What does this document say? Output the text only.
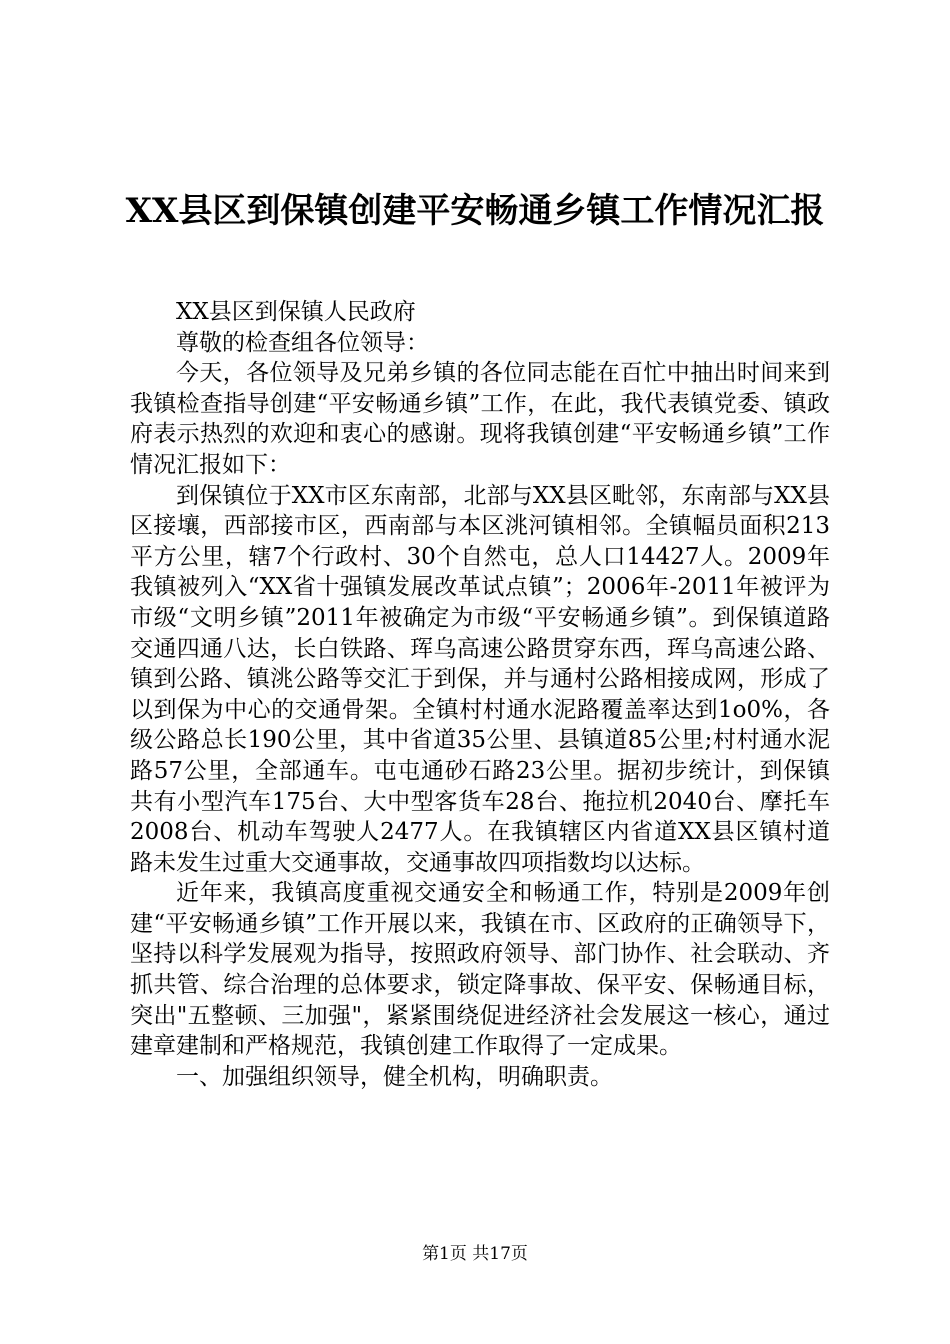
XX县区到保镇创建平安畅通乡镇工作情况汇报

XX县区到保镇人民政府

尊敬的检查组各位领导：

今天，各位领导及兄弟乡镇的各位同志能在百忙中抽出时间来到我镇检查指导创建“平安畅通乡镇”工作，在此，我代表镇党委、镇政府表示热烈的欢迎和衷心的感谢。现将我镇创建“平安畅通乡镇”工作情况汇报如下：

到保镇位于XX市区东南部，北部与XX县区毗邻，东南部与XX县区接壤，西部接市区，西南部与本区洮河镇相邻。全镇幅员面积213平方公里，辖7个行政村、30个自然屯，总人口14427人。2009年我镇被列入“XX省十强镇发展改革试点镇”；2006年-2011年被评为市级“文明乡镇”2011年被确定为市级“平安畅通乡镇”。到保镇道路交通四通八达，长白铁路、珲乌高速公路贯穿东西，珲乌高速公路、镇到公路、镇洮公路等交汇于到保，并与通村公路相接成网，形成了以到保为中心的交通骨架。全镇村村通水泥路覆盖率达到1o0%，各级公路总长190公里，其中省道35公里、县镇道85公里;村村通水泥路57公里，全部通车。屯屯通砂石路23公里。据初步统计，到保镇共有小型汽车175台、大中型客货车28台、拖拉机2040台、摩托车2008台、机动车驾驶人2477人。在我镇辖区内省道XX县区镇村道路未发生过重大交通事故，交通事故四项指数均以达标。

近年来，我镇高度重视交通安全和畅通工作，特别是2009年创建“平安畅通乡镇”工作开展以来，我镇在市、区政府的正确领导下，坚持以科学发展观为指导，按照政府领导、部门协作、社会联动、齐抓共管、综合治理的总体要求，锁定降事故、保平安、保畅通目标，突出"五整顿、三加强"，紧紧围绕促进经济社会发展这一核心，通过建章建制和严格规范，我镇创建工作取得了一定成果。

一、加强组织领导，健全机构，明确职责。

第1页 共17页
